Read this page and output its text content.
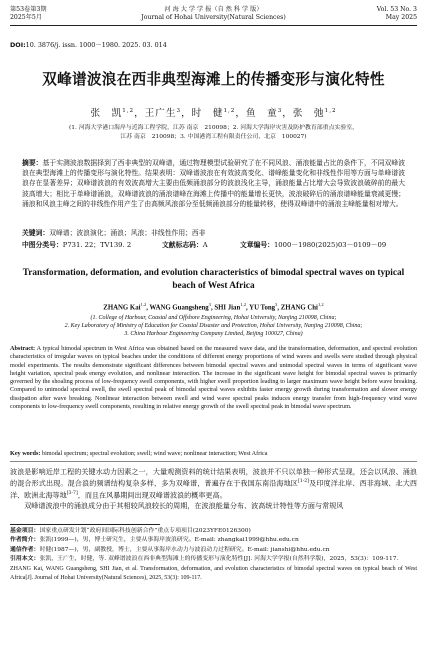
第53卷第3期
2025年5月
河 海 大 学 学 报（自 然 科 学 版）
Journal of Hohai University(Natural Sciences)
Vol. 53 No. 3
May 2025
DOI:10. 3876/j. issn. 1000－1980. 2025. 03. 014
双峰谱波浪在西非典型海滩上的传播变形与演化特性
张　凯$^{1,2}$，王广生$^3$，时　健$^{1,2}$，鱼　童$^3$，张　弛$^{1,2}$
(1. 河海大学港口海岸与近海工程学院，江苏 南京　210098；2. 河海大学海岸灾害及防护教育部重点实验室，
江苏 南京　210098；3. 中国港湾工程有限责任公司，北京　100027)
摘要：基于实测波浪数据择到了西非典型的双峰谱，通过物理模型试验研究了在不同风浪、涌浪能量占比的条件下，不同双峰波浪在典型海滩上的传播变形与演化特性。结果表明：双峰谱波浪在有效波高变化、谱峰能量变化和非线性作用等方面与单峰谱波浪存在显著差异；双峰谱波浪的有效波高增大主要由低频涌浪部分的波浪浅化主导，涌浪能量占比增大会导致波浪破碎前的最大波高增大；相比于单峰谱涌浪，双峰谱波浪的涌浪谱峰在海滩上传播中的能量增长更快，波浪破碎后的涌浪谱峰能量衰减更慢；涌浪和风浪主峰之间的非线性作用产生了由高频风浪部分至低频涌浪部分的能量转移，使得双峰谱中的涌浪主峰能量相对增大。
关键词：双峰谱；波浪演化；涌浪；风浪；非线性作用；西非
中图分类号：P731. 22；TV139. 2	文献标志码：A	文章编号：1000－1980(2025)03－0109－09
Transformation, deformation, and evolution characteristics of bimodal spectral waves on typical beach of West Africa
ZHANG Kai$^{1,2}$, WANG Guangsheng$^3$, SHI Jian$^{1,2}$, YU Tong$^3$, ZHANG Chi$^{1,2}$
(1. College of Harbour, Coastal and Offshore Engineering, Hohai University, Nanjing 210098, China;
2. Key Laboratory of Ministry of Education for Coastal Disaster and Protection, Hohai University, Nanjing 210098, China;
3. China Harbour Engineering Company Limited, Beijing 100027, China)
Abstract: A typical bimodal spectrum in West Africa was obtained based on the measured wave data, and the transformation, deformation, and spectral evolution characteristics of irregular waves on typical beaches under the conditions of different energy proportions of wind waves and swells were studied through physical model experiments. The results demonstrate significant differences between bimodal spectral waves and unimodal spectral waves in terms of significant wave height variation, spectral peak energy evolution, and nonlinear interaction. The increase in the significant wave height for bimodal spectral waves is primarily governed by the shoaling process of low-frequency swell components, with higher swell proportion leading to larger maximum wave height before wave breaking. Compared to unimodal spectral swell, the swell spectral peak of bimodal spectral waves exhibits faster energy growth during transformation and slower energy dissipation after wave breaking. Nonlinear interaction between swell and wind wave spectral peaks induces energy transfer from high-frequency wind wave components to low-frequency swell components, resulting in relative energy growth of the swell spectral peak in bimodal wave spectrum.
Key words: bimodal spectrum; spectral evolution; swell; wind wave; nonlinear interaction; West Africa
波浪是影响近岸工程的关键水动力因素之一，大量观测资料的统计结果表明，波浪并不只以单独一种形式呈现，还会以风浪、涌浪的混合形式出现。混合浪的频谱结构复杂多样，多为双峰谱，普遍存在于我国东南沿海地区[1-2]及印度洋北岸、西非海域、北大西洋、欧洲北海等地[3-7]，而且在风暴期间出现双峰谱波浪的概率更高。
　　双峰谱波浪中的涌浪成分由于其相较风浪较长的周期，在波浪能量分布、波高统计特性等方面与常规风

基金项目：国家重点研发计划“政府间国际科技创新合作”重点专项项目(2023YFE0126300)

作者简介：张凯(1999—)，男，博士研究生，主要从事海岸波浪研究。E-mail: zhangkai1999@hhu.edu.cn

通信作者：时健(1987—)，男，副教授，博士，主要从事海岸水动力与波浪动力过程研究。E-mail: jianshi@hhu.edu.cn

引用本文：张凯，王广生，时健，等. 双峰谱波浪在西非典型海滩上的传播变形与演化特性[J]. 河海大学学报(自然科学版)，2025，53(3)：109-117.

ZHANG Kai, WANG Guangsheng, SHI Jian, et al. Transformation, deformation, and evolution characteristics of bimodal spectral waves on typical beach of West Africa[J]. Journal of Hohai University(Natural Sciences), 2025, 53(3): 109-117.
